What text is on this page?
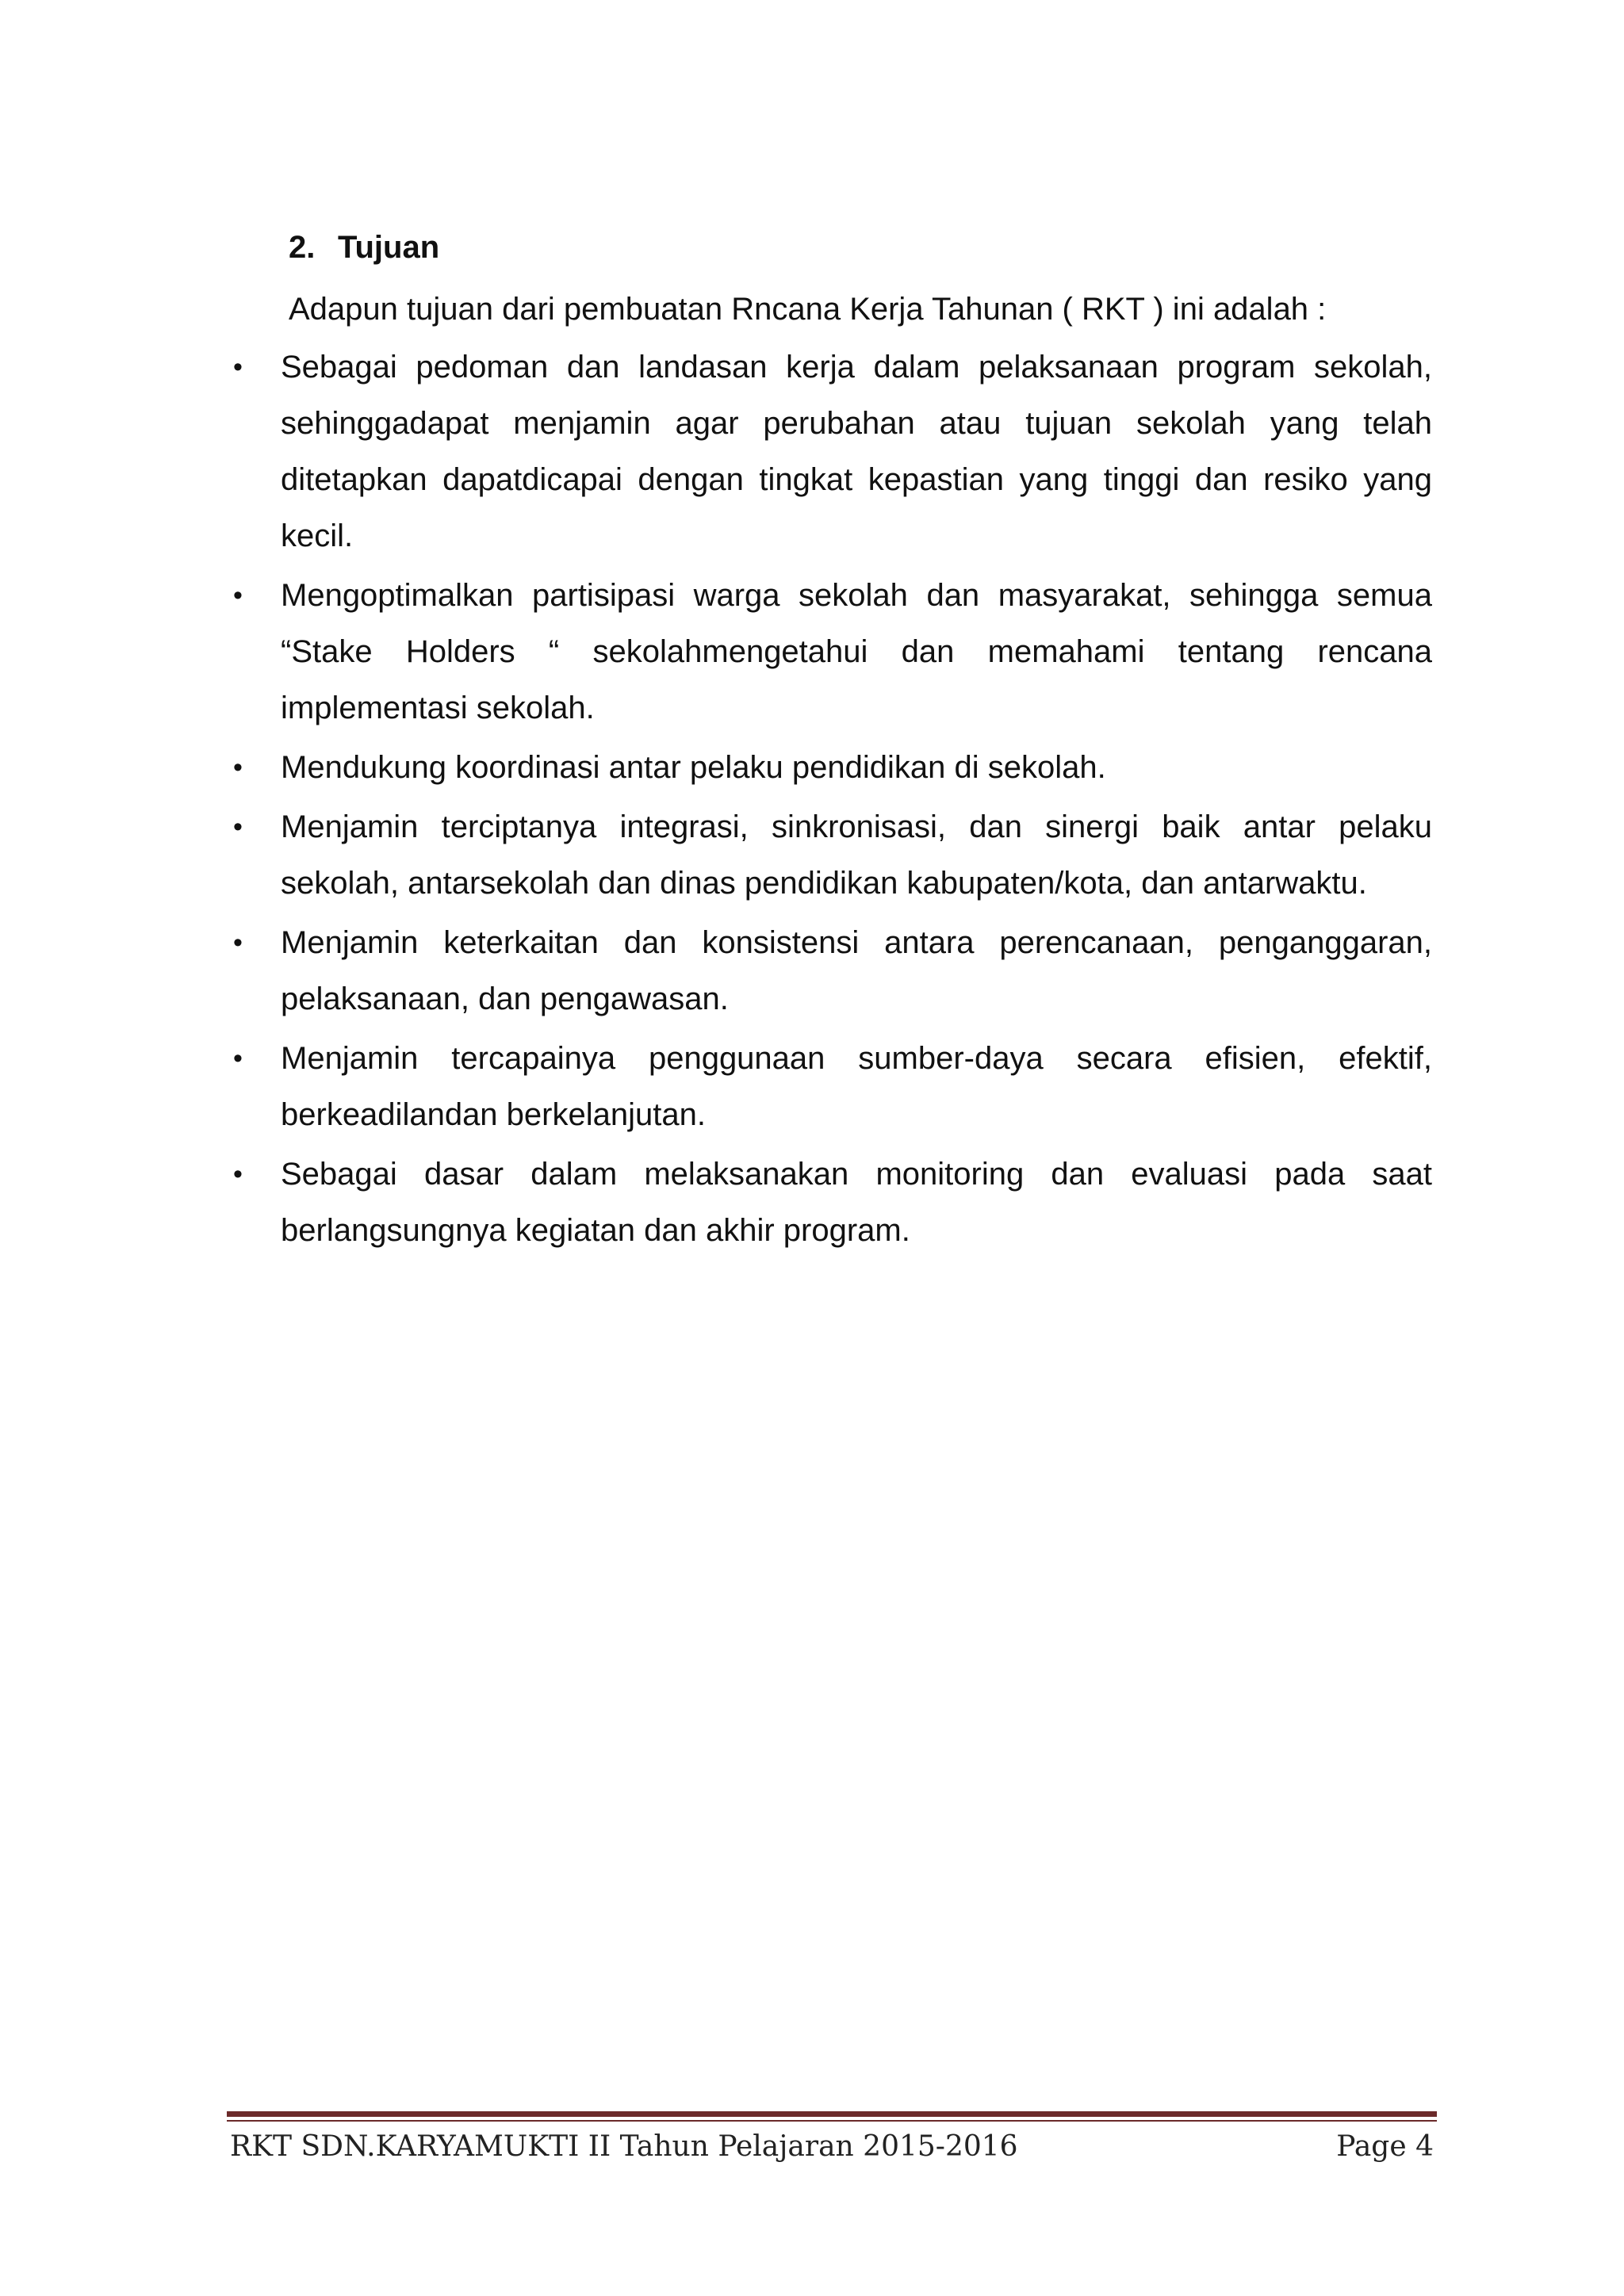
2. Tujuan
Adapun tujuan dari pembuatan Rncana Kerja Tahunan ( RKT ) ini adalah :
• Sebagai pedoman dan landasan kerja dalam pelaksanaan program sekolah, sehinggadapat menjamin agar perubahan atau tujuan sekolah yang telah ditetapkan dapatdicapai dengan tingkat kepastian yang tinggi dan resiko yang kecil.
• Mengoptimalkan partisipasi warga sekolah dan masyarakat, sehingga semua “Stake Holders “ sekolahmengetahui dan memahami tentang rencana implementasi sekolah.
• Mendukung koordinasi antar pelaku pendidikan di sekolah.
• Menjamin terciptanya integrasi, sinkronisasi, dan sinergi baik antar pelaku sekolah, antarsekolah dan dinas pendidikan kabupaten/kota, dan antarwaktu.
• Menjamin keterkaitan dan konsistensi antara perencanaan, penganggaran, pelaksanaan, dan pengawasan.
• Menjamin tercapainya penggunaan sumber-daya secara efisien, efektif, berkeadilandan berkelanjutan.
• Sebagai dasar dalam melaksanakan monitoring dan evaluasi pada saat berlangsungnya kegiatan dan akhir program.
RKT SDN.KARYAMUKTI II Tahun Pelajaran 2015-2016	Page 4
